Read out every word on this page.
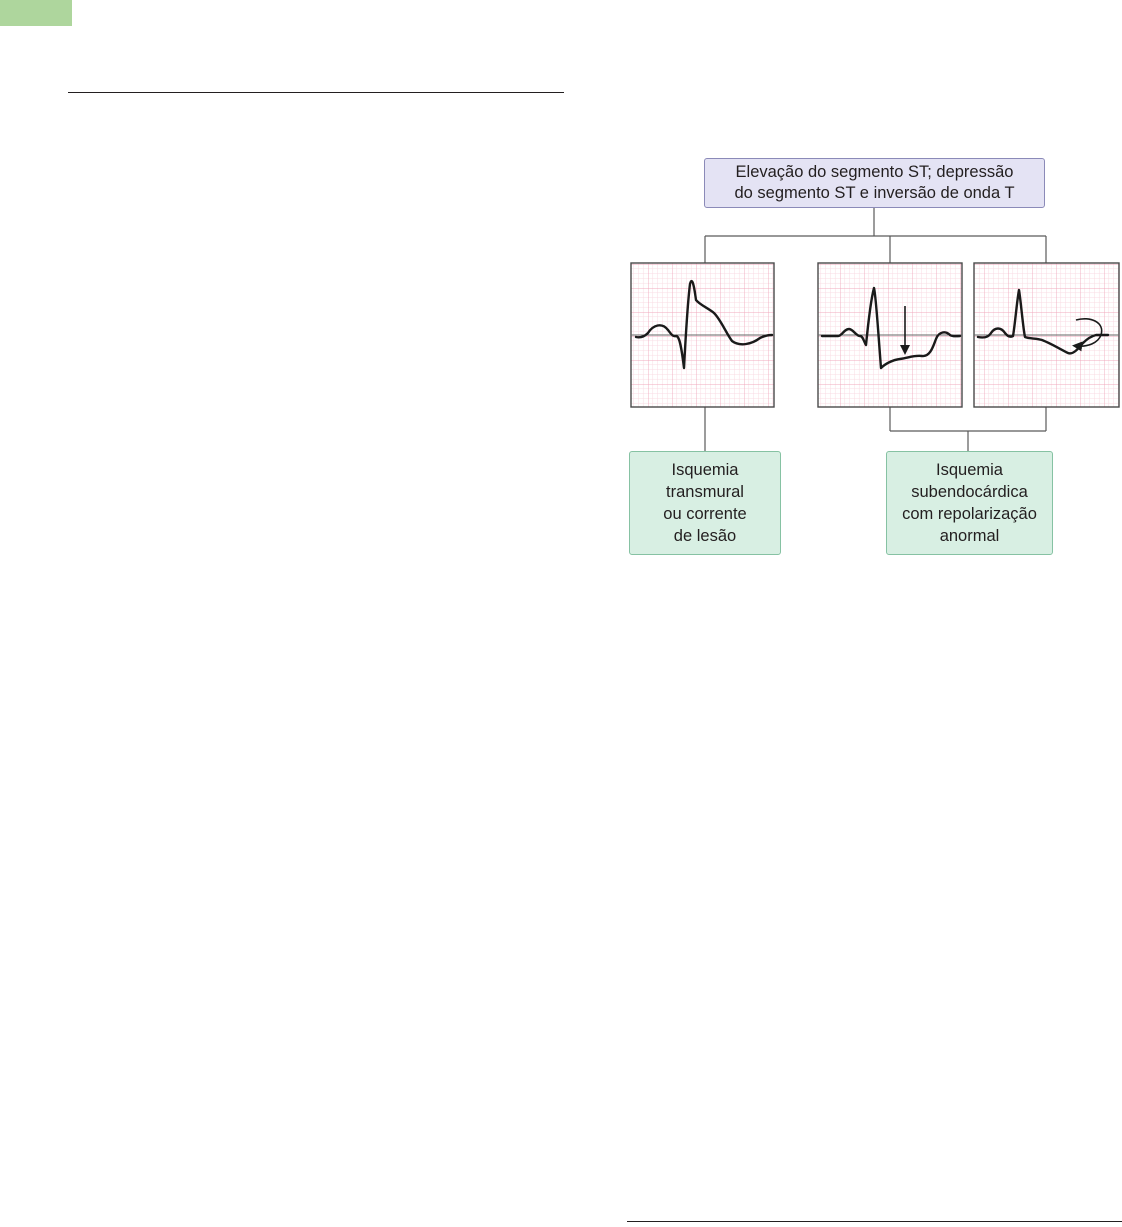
Elevação do segmento ST; depressão
do segmento ST e inversão de onda T
Isquemia
transmural
ou corrente
de lesão
Isquemia
subendocárdica
com repolarização
anormal
